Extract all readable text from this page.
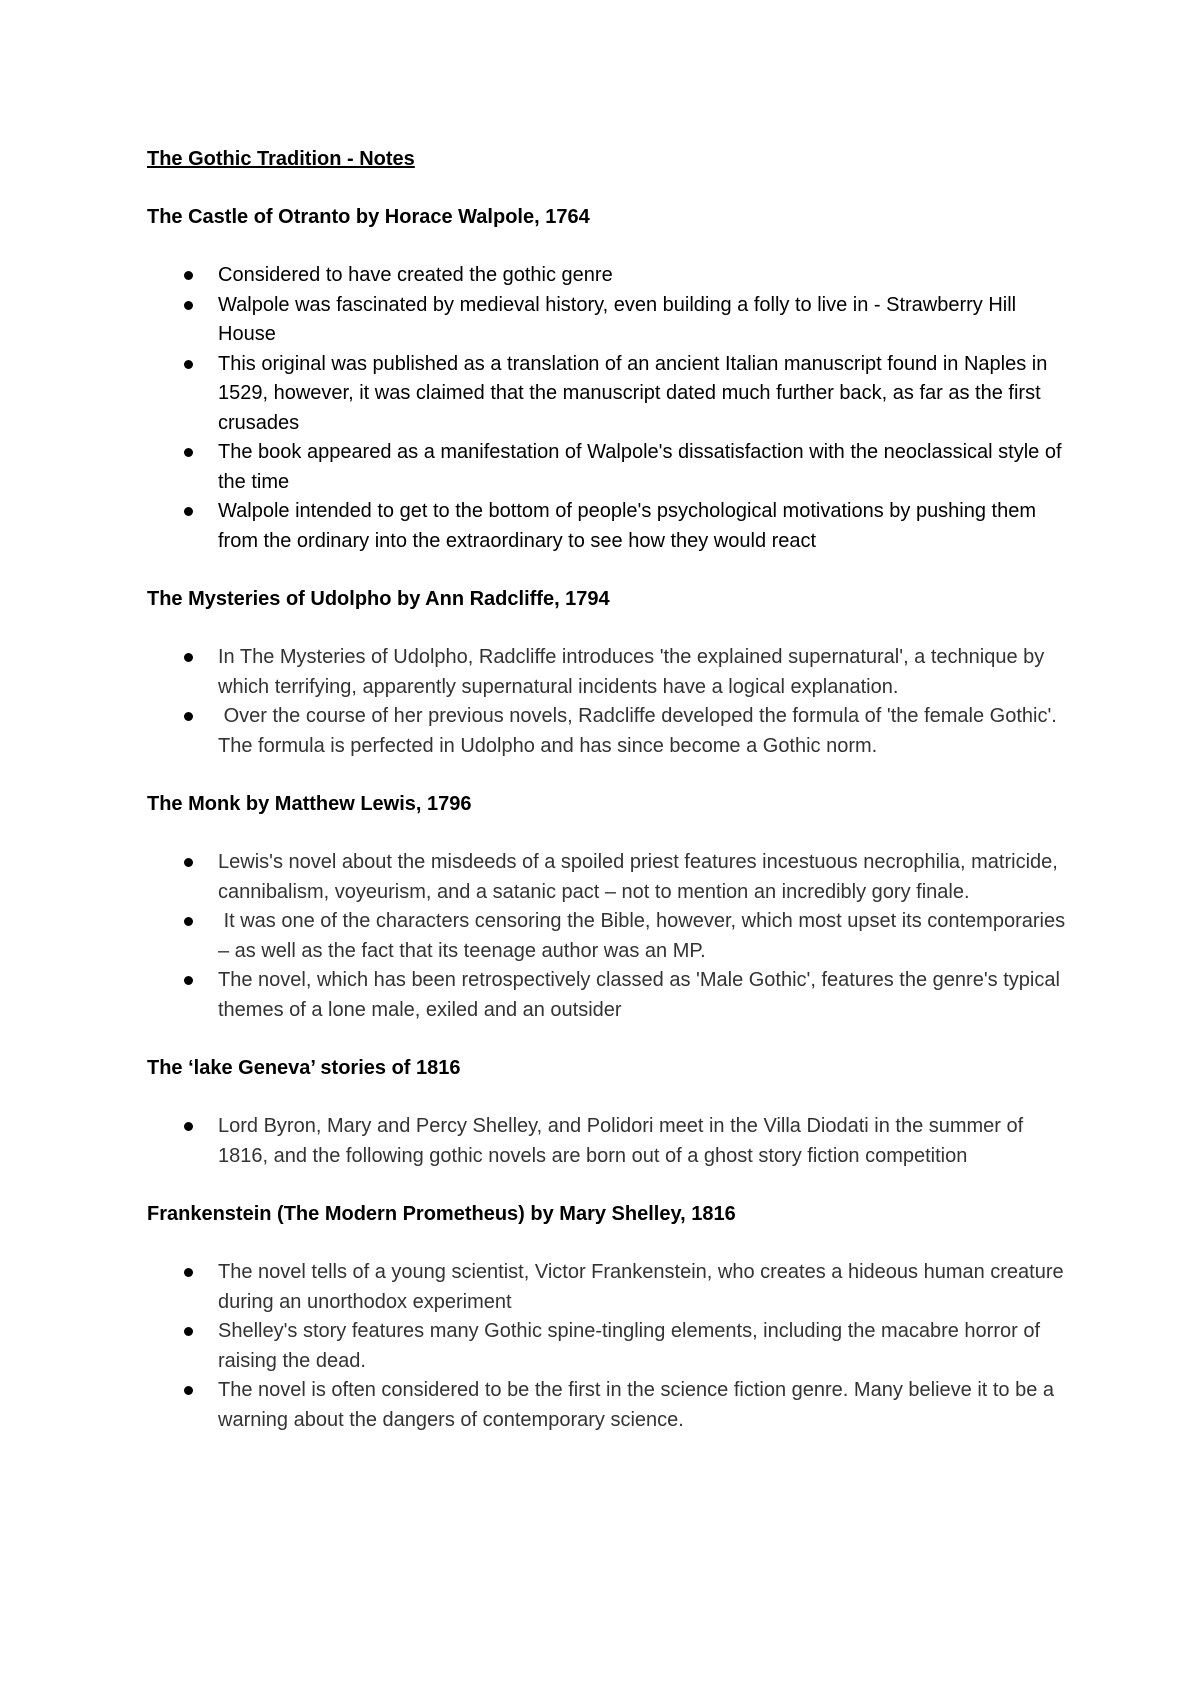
The Gothic Tradition - Notes
The Castle of Otranto by Horace Walpole, 1764
Considered to have created the gothic genre
Walpole was fascinated by medieval history, even building a folly to live in - Strawberry Hill House
This original was published as a translation of an ancient Italian manuscript found in Naples in 1529, however, it was claimed that the manuscript dated much further back, as far as the first crusades
The book appeared as a manifestation of Walpole's dissatisfaction with the neoclassical style of the time
Walpole intended to get to the bottom of people's psychological motivations by pushing them from the ordinary into the extraordinary to see how they would react
The Mysteries of Udolpho by Ann Radcliffe, 1794
In The Mysteries of Udolpho, Radcliffe introduces 'the explained supernatural', a technique by which terrifying, apparently supernatural incidents have a logical explanation.
Over the course of her previous novels, Radcliffe developed the formula of 'the female Gothic'. The formula is perfected in Udolpho and has since become a Gothic norm.
The Monk by Matthew Lewis, 1796
Lewis's novel about the misdeeds of a spoiled priest features incestuous necrophilia, matricide, cannibalism, voyeurism, and a satanic pact – not to mention an incredibly gory finale.
It was one of the characters censoring the Bible, however, which most upset its contemporaries – as well as the fact that its teenage author was an MP.
The novel, which has been retrospectively classed as 'Male Gothic', features the genre's typical themes of a lone male, exiled and an outsider
The ‘lake Geneva’ stories of 1816
Lord Byron, Mary and Percy Shelley, and Polidori meet in the Villa Diodati in the summer of 1816, and the following gothic novels are born out of a ghost story fiction competition
Frankenstein (The Modern Prometheus) by Mary Shelley, 1816
The novel tells of a young scientist, Victor Frankenstein, who creates a hideous human creature during an unorthodox experiment
Shelley's story features many Gothic spine-tingling elements, including the macabre horror of raising the dead.
The novel is often considered to be the first in the science fiction genre. Many believe it to be a warning about the dangers of contemporary science.
